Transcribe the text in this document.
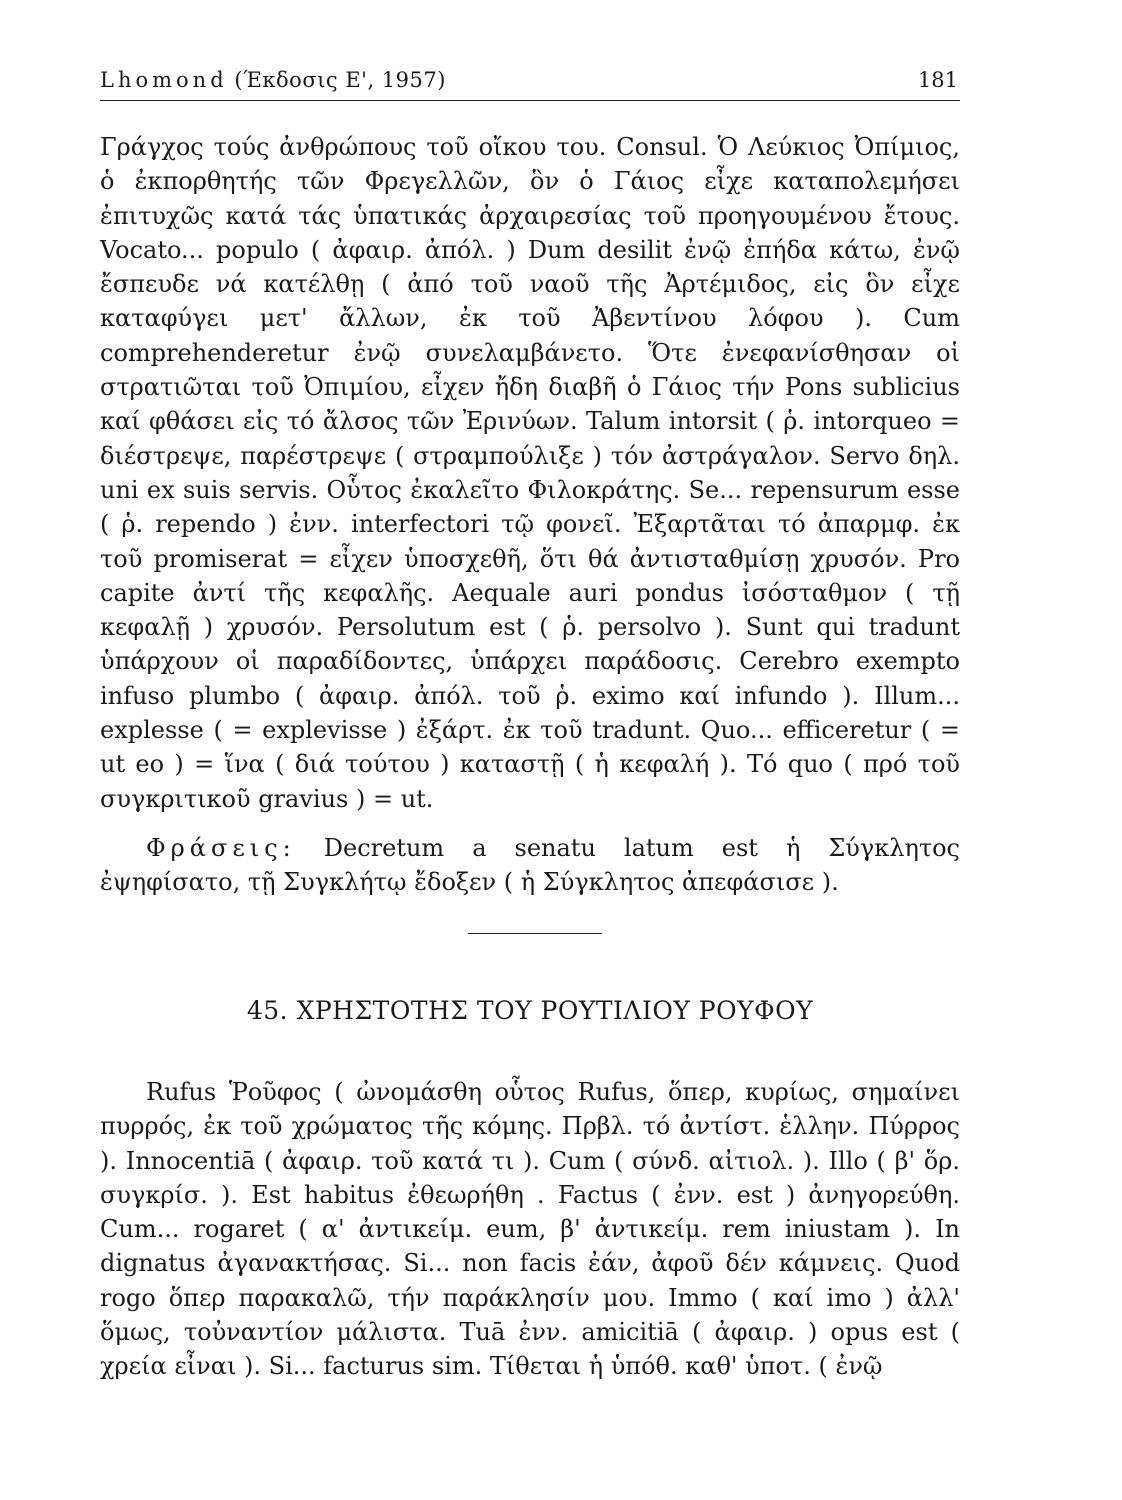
Lhomond (Έκδοσις Ε', 1957)	181

Γράγχος τούς ἀνθρώπους τοῦ οἴκου του. Consul. Ὁ Λεύκιος Ὀπίμιος, ὁ ἐκπορθητής τῶν Φρεγελλῶν, ὃν ὁ Γάιος εἶχε καταπολεμήσει ἐπιτυχῶς κατά τάς ὑπατικάς ἀρχαιρεσίας τοῦ προηγουμένου ἔτους. Vocato... populo ( ἀφαιρ. ἀπόλ. ) Dum desilit ἐνῷ ἐπήδα κάτω, ἐνῷ ἔσπευδε νά κατέλθῃ ( ἀπό τοῦ ναοῦ τῆς Ἀρτέμιδος, εἰς ὃν εἶχε καταφύγει μετ' ἄλλων, ἐκ τοῦ Ἀβεντίνου λόφου ). Cum comprehenderetur ἐνῷ συνελαμβάνετο. Ὅτε ἐνεφανίσθησαν οἱ στρατιῶται τοῦ Ὀπιμίου, εἶχεν ἤδη διαβῆ ὁ Γάιος τήν Pons sublicius καί φθάσει εἰς τό ἄλσος τῶν Ἐρινύων. Talum intorsit ( ῥ. intorqueo = διέστρεψε, παρέστρεψε ( στραμπούλιξε ) τόν ἀστράγαλον. Servo δηλ. uni ex suis servis. Οὗτος ἐκαλεῖτο Φιλοκράτης. Se... repensurum esse ( ῥ. rependo ) ἐνν. interfectori τῷ φονεῖ. Ἐξαρτᾶται τό ἀπαρμφ. ἐκ τοῦ promiserat = εἶχεν ὑποσχεθῆ, ὅτι θά ἀντισταθμίσῃ χρυσόν. Pro capite ἀντί τῆς κεφαλῆς. Aequale auri pondus ἰσόσταθμον ( τῇ κεφαλῇ ) χρυσόν. Persolutum est ( ῥ. persolvo ). Sunt qui tradunt ὑπάρχουν οἱ παραδίδοντες, ὑπάρχει παράδοσις. Cerebro exempto infuso plumbo ( ἀφαιρ. ἀπόλ. τοῦ ῥ. eximo καί infundo ). Illum... explesse ( = explevisse ) ἐξάρτ. ἐκ τοῦ tradunt. Quo... efficeretur ( = ut eo ) = ἵνα ( διά τούτου ) καταστῇ ( ἡ κεφαλή ). Τό quo ( πρό τοῦ συγκριτικοῦ gravius ) = ut.

Φράσεις: Decretum a senatu latum est ἡ Σύγκλητος ἐψηφίσατο, τῇ Συγκλήτῳ ἔδοξεν ( ἡ Σύγκλητος ἀπεφάσισε ).

45. ΧΡΗΣΤΟΤΗΣ ΤΟΥ ΡΟΥΤΙΛΙΟΥ ΡΟΥΦΟΥ

Rufus Ῥοῦφος ( ὠνομάσθη οὗτος Rufus, ὅπερ, κυρίως, σημαίνει πυρρός, ἐκ τοῦ χρώματος τῆς κόμης. Πρβλ. τό ἀντίστ. ἑλλην. Πύρρος ). Innocentiā ( ἀφαιρ. τοῦ κατά τι ). Cum ( σύνδ. αἰτιολ. ). Illo ( β' ὅρ. συγκρίσ. ). Est habitus ἐθεωρήθη . Factus ( ἐνν. est ) ἀνηγορεύθη. Cum... rogaret ( α' ἀντικείμ. eum, β' ἀντικείμ. rem iniustam ). In dignatus ἀγανακτήσας. Si... non facis ἐάν, ἀφοῦ δέν κάμνεις. Quod rogo ὅπερ παρακαλῶ, τήν παράκλησίν μου. Immo ( καί imo ) ἀλλ' ὅμως, τοὐναντίον μάλιστα. Tuā ἐνν. amicitiā ( ἀφαιρ. ) opus est ( χρεία εἶναι ). Si... facturus sim. Τίθεται ἡ ὑπόθ. καθ' ὑποτ. ( ἐνῷ
